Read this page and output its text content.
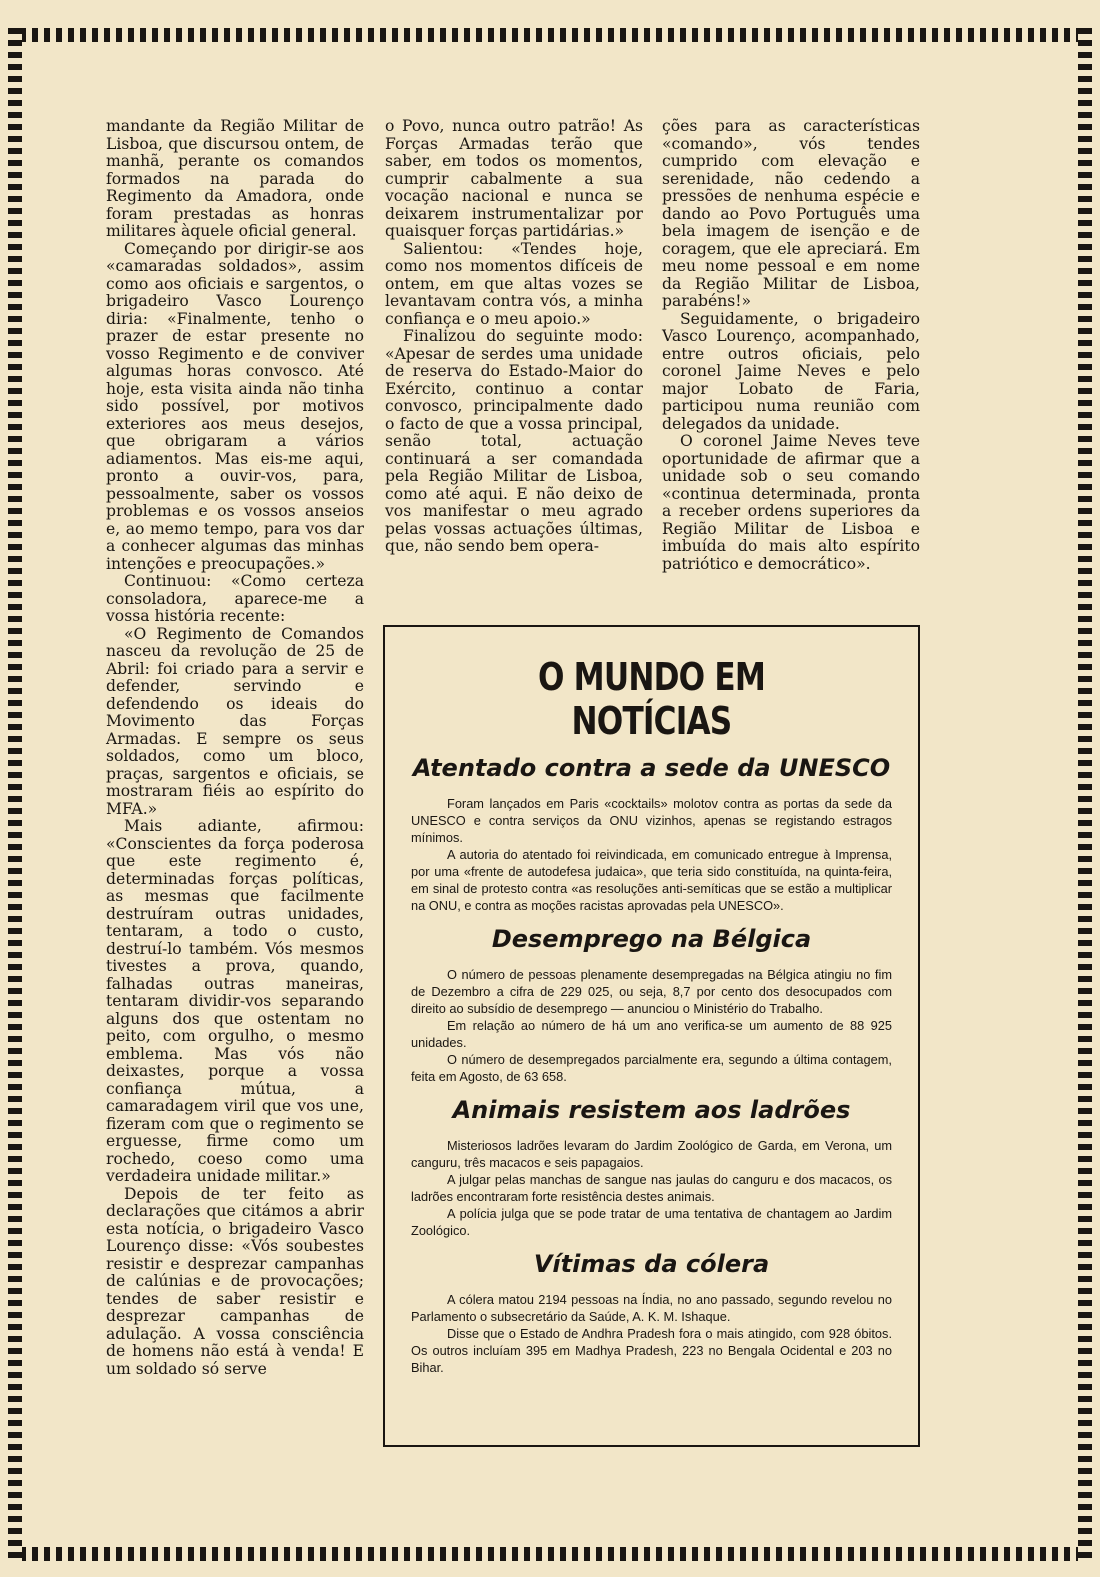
mandante da Região Militar de Lisboa, que discursou ontem, de manhã, perante os comandos formados na parada do Regimento da Amadora, onde foram prestadas as honras militares àquele oficial general.

Começando por dirigir-se aos «camaradas soldados», assim como aos oficiais e sargentos, o brigadeiro Vasco Lourenço diria: «Finalmente, tenho o prazer de estar presente no vosso Regimento e de conviver algumas horas convosco. Até hoje, esta visita ainda não tinha sido possível, por motivos exteriores aos meus desejos, que obrigaram a vários adiamentos. Mas eis-me aqui, pronto a ouvir-vos, para, pessoalmente, saber os vossos problemas e os vossos anseios e, ao memo tempo, para vos dar a conhecer algumas das minhas intenções e preocupações.»

Continuou: «Como certeza consoladora, aparece-me a vossa história recente:

«O Regimento de Comandos nasceu da revolução de 25 de Abril: foi criado para a servir e defender, servindo e defendendo os ideais do Movimento das Forças Armadas. E sempre os seus soldados, como um bloco, praças, sargentos e oficiais, se mostraram fiéis ao espírito do MFA.»

Mais adiante, afirmou: «Conscientes da força poderosa que este regimento é, determinadas forças políticas, as mesmas que facilmente destruíram outras unidades, tentaram, a todo o custo, destruí-lo também. Vós mesmos tivestes a prova, quando, falhadas outras maneiras, tentaram dividir-vos separando alguns dos que ostentam no peito, com orgulho, o mesmo emblema. Mas vós não deixastes, porque a vossa confiança mútua, a camaradagem viril que vos une, fizeram com que o regimento se erguesse, firme como um rochedo, coeso como uma verdadeira unidade militar.»

Depois de ter feito as declarações que citámos a abrir esta notícia, o brigadeiro Vasco Lourenço disse: «Vós soubestes resistir e desprezar campanhas de calúnias e de provocações; tendes de saber resistir e desprezar campanhas de adulação. A vossa consciência de homens não está à venda! E um soldado só serve

o Povo, nunca outro patrão! As Forças Armadas terão que saber, em todos os momentos, cumprir cabalmente a sua vocação nacional e nunca se deixarem instrumentalizar por quaisquer forças partidárias.»

Salientou: «Tendes hoje, como nos momentos difíceis de ontem, em que altas vozes se levantavam contra vós, a minha confiança e o meu apoio.»

Finalizou do seguinte modo: «Apesar de serdes uma unidade de reserva do Estado-Maior do Exército, continuo a contar convosco, principalmente dado o facto de que a vossa principal, senão total, actuação continuará a ser comandada pela Região Militar de Lisboa, como até aqui. E não deixo de vos manifestar o meu agrado pelas vossas actuações últimas, que, não sendo bem opera-

ções para as características «comando», vós tendes cumprido com elevação e serenidade, não cedendo a pressões de nenhuma espécie e dando ao Povo Português uma bela imagem de isenção e de coragem, que ele apreciará. Em meu nome pessoal e em nome da Região Militar de Lisboa, parabéns!»

Seguidamente, o brigadeiro Vasco Lourenço, acompanhado, entre outros oficiais, pelo coronel Jaime Neves e pelo major Lobato de Faria, participou numa reunião com delegados da unidade.

O coronel Jaime Neves teve oportunidade de afirmar que a unidade sob o seu comando «continua determinada, pronta a receber ordens superiores da Região Militar de Lisboa e imbuída do mais alto espírito patriótico e democrático».

O MUNDO EM NOTÍCIAS
Atentado contra a sede da UNESCO

Foram lançados em Paris «cocktails» molotov contra as portas da sede da UNESCO e contra serviços da ONU vizinhos, apenas se registando estragos mínimos.

A autoria do atentado foi reivindicada, em comunicado entregue à Imprensa, por uma «frente de autodefesa judaica», que teria sido constituída, na quinta-feira, em sinal de protesto contra «as resoluções anti-semíticas que se estão a multiplicar na ONU, e contra as moções racistas aprovadas pela UNESCO».

Desemprego na Bélgica

O número de pessoas plenamente desempregadas na Bélgica atingiu no fim de Dezembro a cifra de 229 025, ou seja, 8,7 por cento dos desocupados com direito ao subsídio de desemprego — anunciou o Ministério do Trabalho.

Em relação ao número de há um ano verifica-se um aumento de 88 925 unidades.

O número de desempregados parcialmente era, segundo a última contagem, feita em Agosto, de 63 658.

Animais resistem aos ladrões

Misteriosos ladrões levaram do Jardim Zoológico de Garda, em Verona, um canguru, três macacos e seis papagaios.

A julgar pelas manchas de sangue nas jaulas do canguru e dos macacos, os ladrões encontraram forte resistência destes animais.

A polícia julga que se pode tratar de uma tentativa de chantagem ao Jardim Zoológico.

Vítimas da cólera

A cólera matou 2194 pessoas na Índia, no ano passado, segundo revelou no Parlamento o subsecretário da Saúde, A. K. M. Ishaque.

Disse que o Estado de Andhra Pradesh fora o mais atingido, com 928 óbitos. Os outros incluíam 395 em Madhya Pradesh, 223 no Bengala Ocidental e 203 no Bihar.
